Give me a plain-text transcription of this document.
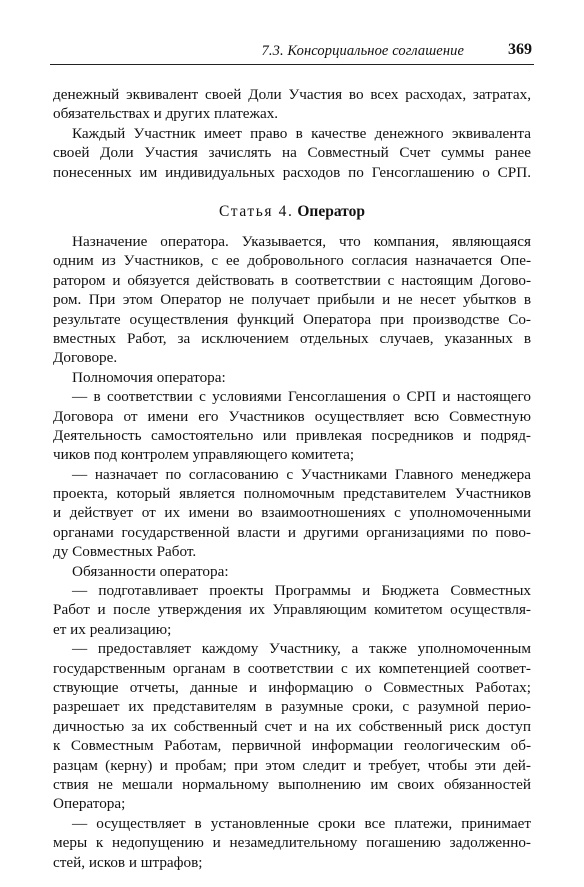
7.3. Консорциальное соглашение	369
денежный эквивалент своей Доли Участия во всех расходах, затратах,
обязательствах и других платежах.
Каждый Участник имеет право в качестве денежного эквивалента
своей Доли Участия зачислять на Совместный Счет суммы ранее
понесенных им индивидуальных расходов по Генсоглашению о СРП.
Статья 4. Оператор
Назначение оператора. Указывается, что компания, являющаяся
одним из Участников, с ее добровольного согласия назначается Опе-
ратором и обязуется действовать в соответствии с настоящим Догово-
ром. При этом Оператор не получает прибыли и не несет убытков в
результате осуществления функций Оператора при производстве Со-
вместных Работ, за исключением отдельных случаев, указанных в
Договоре.
Полномочия оператора:
— в соответствии с условиями Генсоглашения о СРП и настоящего
Договора от имени его Участников осуществляет всю Совместную
Деятельность самостоятельно или привлекая посредников и подряд-
чиков под контролем управляющего комитета;
— назначает по согласованию с Участниками Главного менеджера
проекта, который является полномочным представителем Участников
и действует от их имени во взаимоотношениях с уполномоченными
органами государственной власти и другими организациями по пово-
ду Совместных Работ.
Обязанности оператора:
— подготавливает проекты Программы и Бюджета Совместных
Работ и после утверждения их Управляющим комитетом осуществля-
ет их реализацию;
— предоставляет каждому Участнику, а также уполномоченным
государственным органам в соответствии с их компетенцией соответ-
ствующие отчеты, данные и информацию о Совместных Работах;
разрешает их представителям в разумные сроки, с разумной перио-
дичностью за их собственный счет и на их собственный риск доступ
к Совместным Работам, первичной информации геологическим об-
разцам (керну) и пробам; при этом следит и требует, чтобы эти дей-
ствия не мешали нормальному выполнению им своих обязанностей
Оператора;
— осуществляет в установленные сроки все платежи, принимает
меры к недопущению и незамедлительному погашению задолженно-
стей, исков и штрафов;
